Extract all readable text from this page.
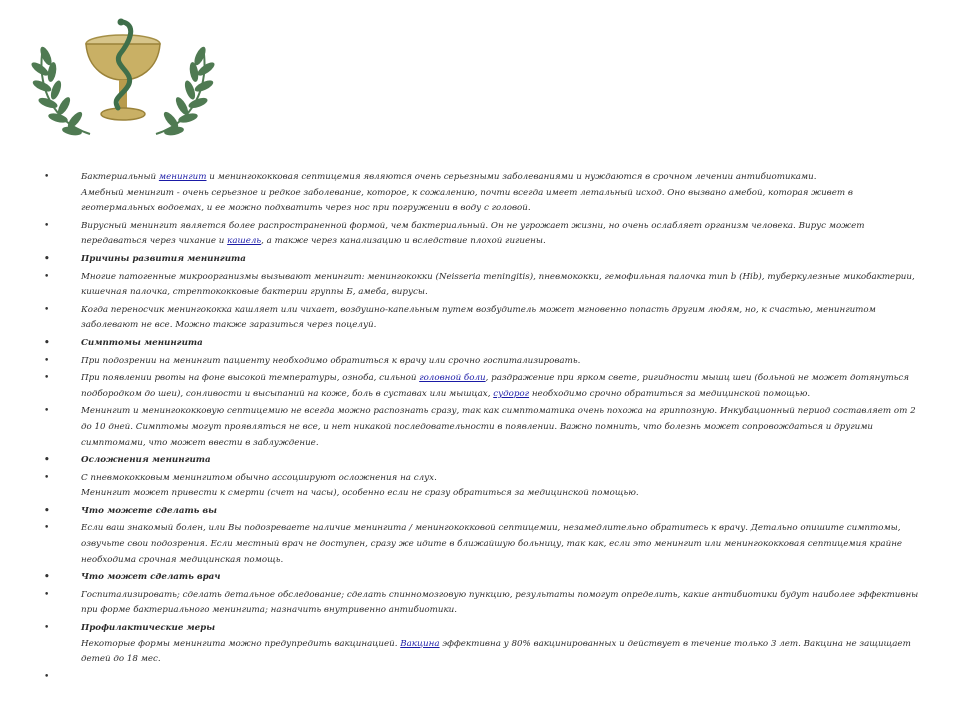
• Бактериальный менингит и менингококковая септицемия являются очень серьезными заболеваниями и нуждаются в срочном лечении антибиотиками.
Амебный менингит - очень серьезное и редкое заболевание, которое, к сожалению, почти всегда имеет летальный исход. Оно вызвано амебой, которая живет в геотермальных водоемах, и ее можно подхватить через нос при погружении в воду с головой.
• Вирусный менингит является более распространенной формой, чем бактериальный. Он не угрожает жизни, но очень ослабляет организм человека. Вирус может передаваться через чихание и кашель, а также через канализацию и вследствие плохой гигиены.
• Причины развития менингита
• Многие патогенные микроорганизмы вызывают менингит: менингококки (Neisseria meningitis), пневмококки, гемофильная палочка тип b (Hib), туберкулезные микобактерии, кишечная палочка, стрептококковые бактерии группы Б, амеба, вирусы.
• Когда переносчик менингококка кашляет или чихает, воздушно-капельным путем возбудитель может мгновенно попасть другим людям, но, к счастью, менингитом заболевают не все. Можно также заразиться через поцелуй.
• Симптомы менингита
• При подозрении на менингит пациенту необходимо обратиться к врачу или срочно госпитализировать.
• При появлении рвоты на фоне высокой температуры, озноба, сильной головной боли, раздражение при ярком свете, ригидности мышц шеи (больной не может дотянуться подбородком до шеи), сонливости и высыпаний на коже, боль в суставах или мышцах, судорог необходимо срочно обратиться за медицинской помощью.
• Менингит и менингококковую септицемию не всегда можно распознать сразу, так как симптоматика очень похожа на гриппозную. Инкубационный период составляет от 2 до 10 дней. Симптомы могут проявляться не все, и нет никакой последовательности в появлении. Важно помнить, что болезнь может сопровождаться и другими симптомами, что может ввести в заблуждение.
• Осложнения менингита
• С пневмококковым менингитом обычно ассоциируют осложнения на слух.
Менингит может привести к смерти (счет на часы), особенно если не сразу обратиться за медицинской помощью.
• Что можете сделать вы
• Если ваш знакомый болен, или Вы подозреваете наличие менингита / менингококковой септицемии, незамедлительно обратитесь к врачу. Детально опишите симптомы, озвучьте свои подозрения. Если местный врач не доступен, сразу же идите в ближайшую больницу, так как, если это менингит или менингококковая септицемия крайне необходима срочная медицинская помощь.
• Что может сделать врач
• Госпитализировать; сделать детальное обследование; сделать спинномозговую пункцию, результаты помогут определить, какие антибиотики будут наиболее эффективны при форме бактериального менингита; назначить внутривенно антибиотики.
• Профилактические меры
Некоторые формы менингита можно предупредить вакцинацией. Вакцина эффективна у 80% вакцинированных и действует в течение только 3 лет. Вакцина не защищает детей до 18 мес.
•
